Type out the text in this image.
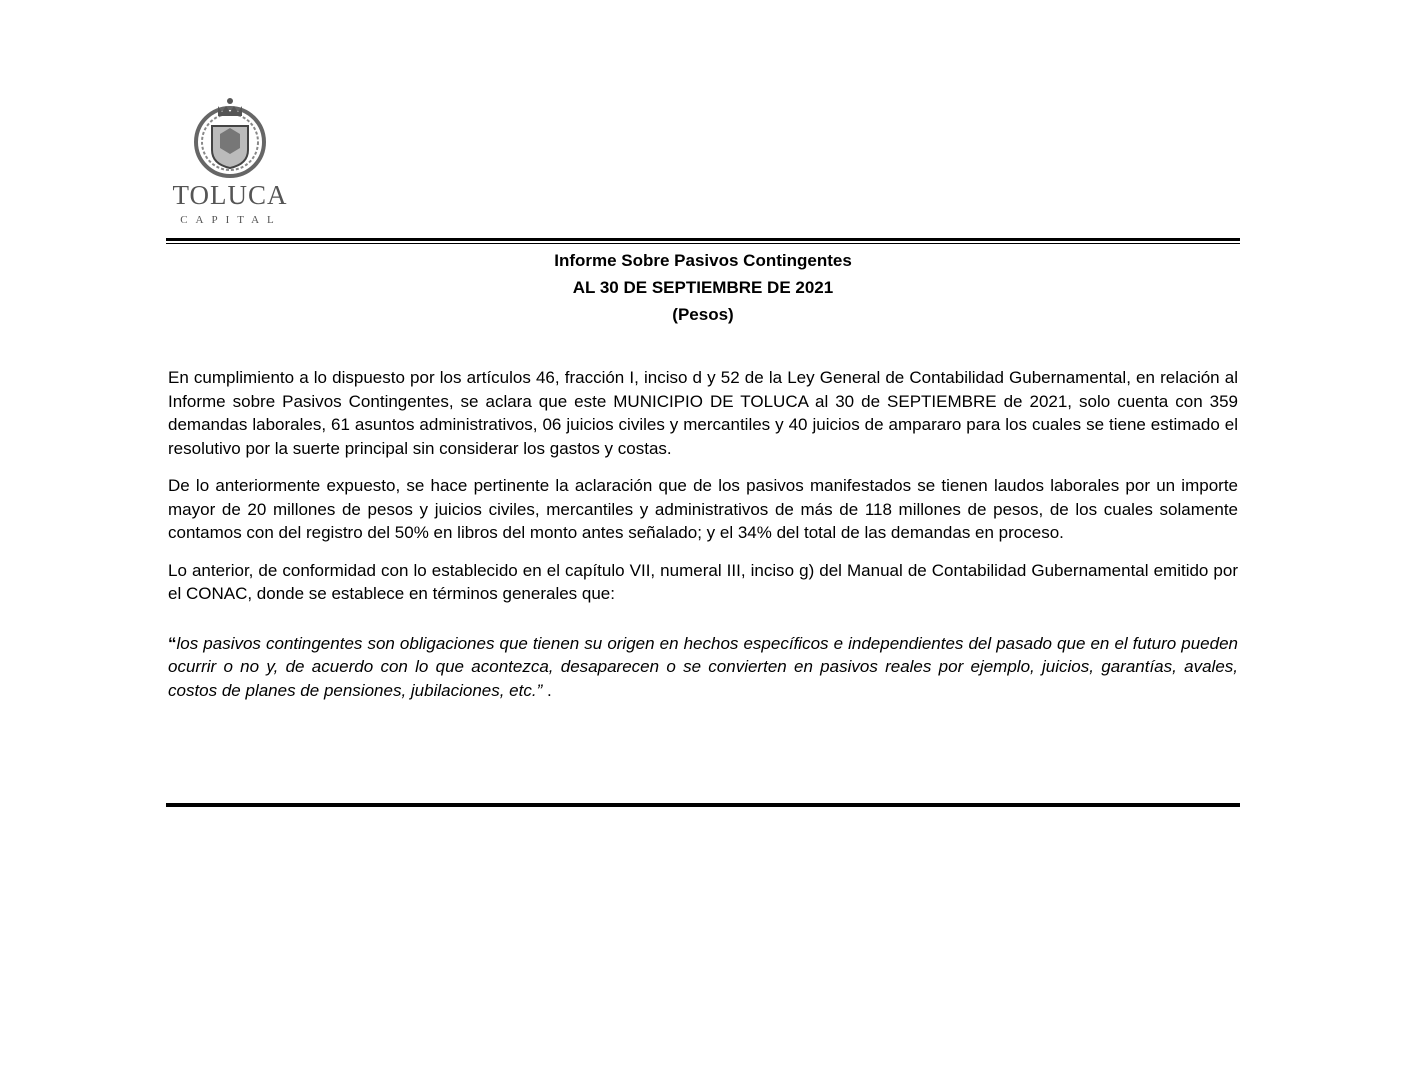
TOLUCA
CAPITAL
Informe Sobre Pasivos Contingentes
AL 30 DE SEPTIEMBRE DE 2021
(Pesos)

En cumplimiento a lo dispuesto por los artículos 46, fracción I, inciso d y 52 de la Ley General de Contabilidad Gubernamental, en relación al Informe sobre Pasivos Contingentes, se aclara que este MUNICIPIO DE TOLUCA al 30 de SEPTIEMBRE de 2021, solo cuenta con 359 demandas laborales, 61 asuntos administrativos, 06 juicios civiles y mercantiles y 40 juicios de ampararo para los cuales se tiene estimado el resolutivo por la suerte principal sin considerar los gastos y costas.

De lo anteriormente expuesto, se hace pertinente la aclaración que de los pasivos manifestados se tienen laudos laborales por un importe mayor de 20 millones de pesos y juicios civiles, mercantiles y administrativos de más de 118 millones de pesos, de los cuales solamente contamos con del registro del 50% en libros del monto antes señalado; y el 34% del total de las demandas en proceso.

Lo anterior, de conformidad con lo establecido en el capítulo VII, numeral III, inciso g) del Manual de Contabilidad Gubernamental emitido por el CONAC, donde se establece en términos generales que:

“los pasivos contingentes son obligaciones que tienen su origen en hechos específicos e independientes del pasado que en el futuro pueden ocurrir o no y, de acuerdo con lo que acontezca, desaparecen o se convierten en pasivos reales por ejemplo, juicios, garantías, avales, costos de planes de pensiones, jubilaciones, etc.” .
